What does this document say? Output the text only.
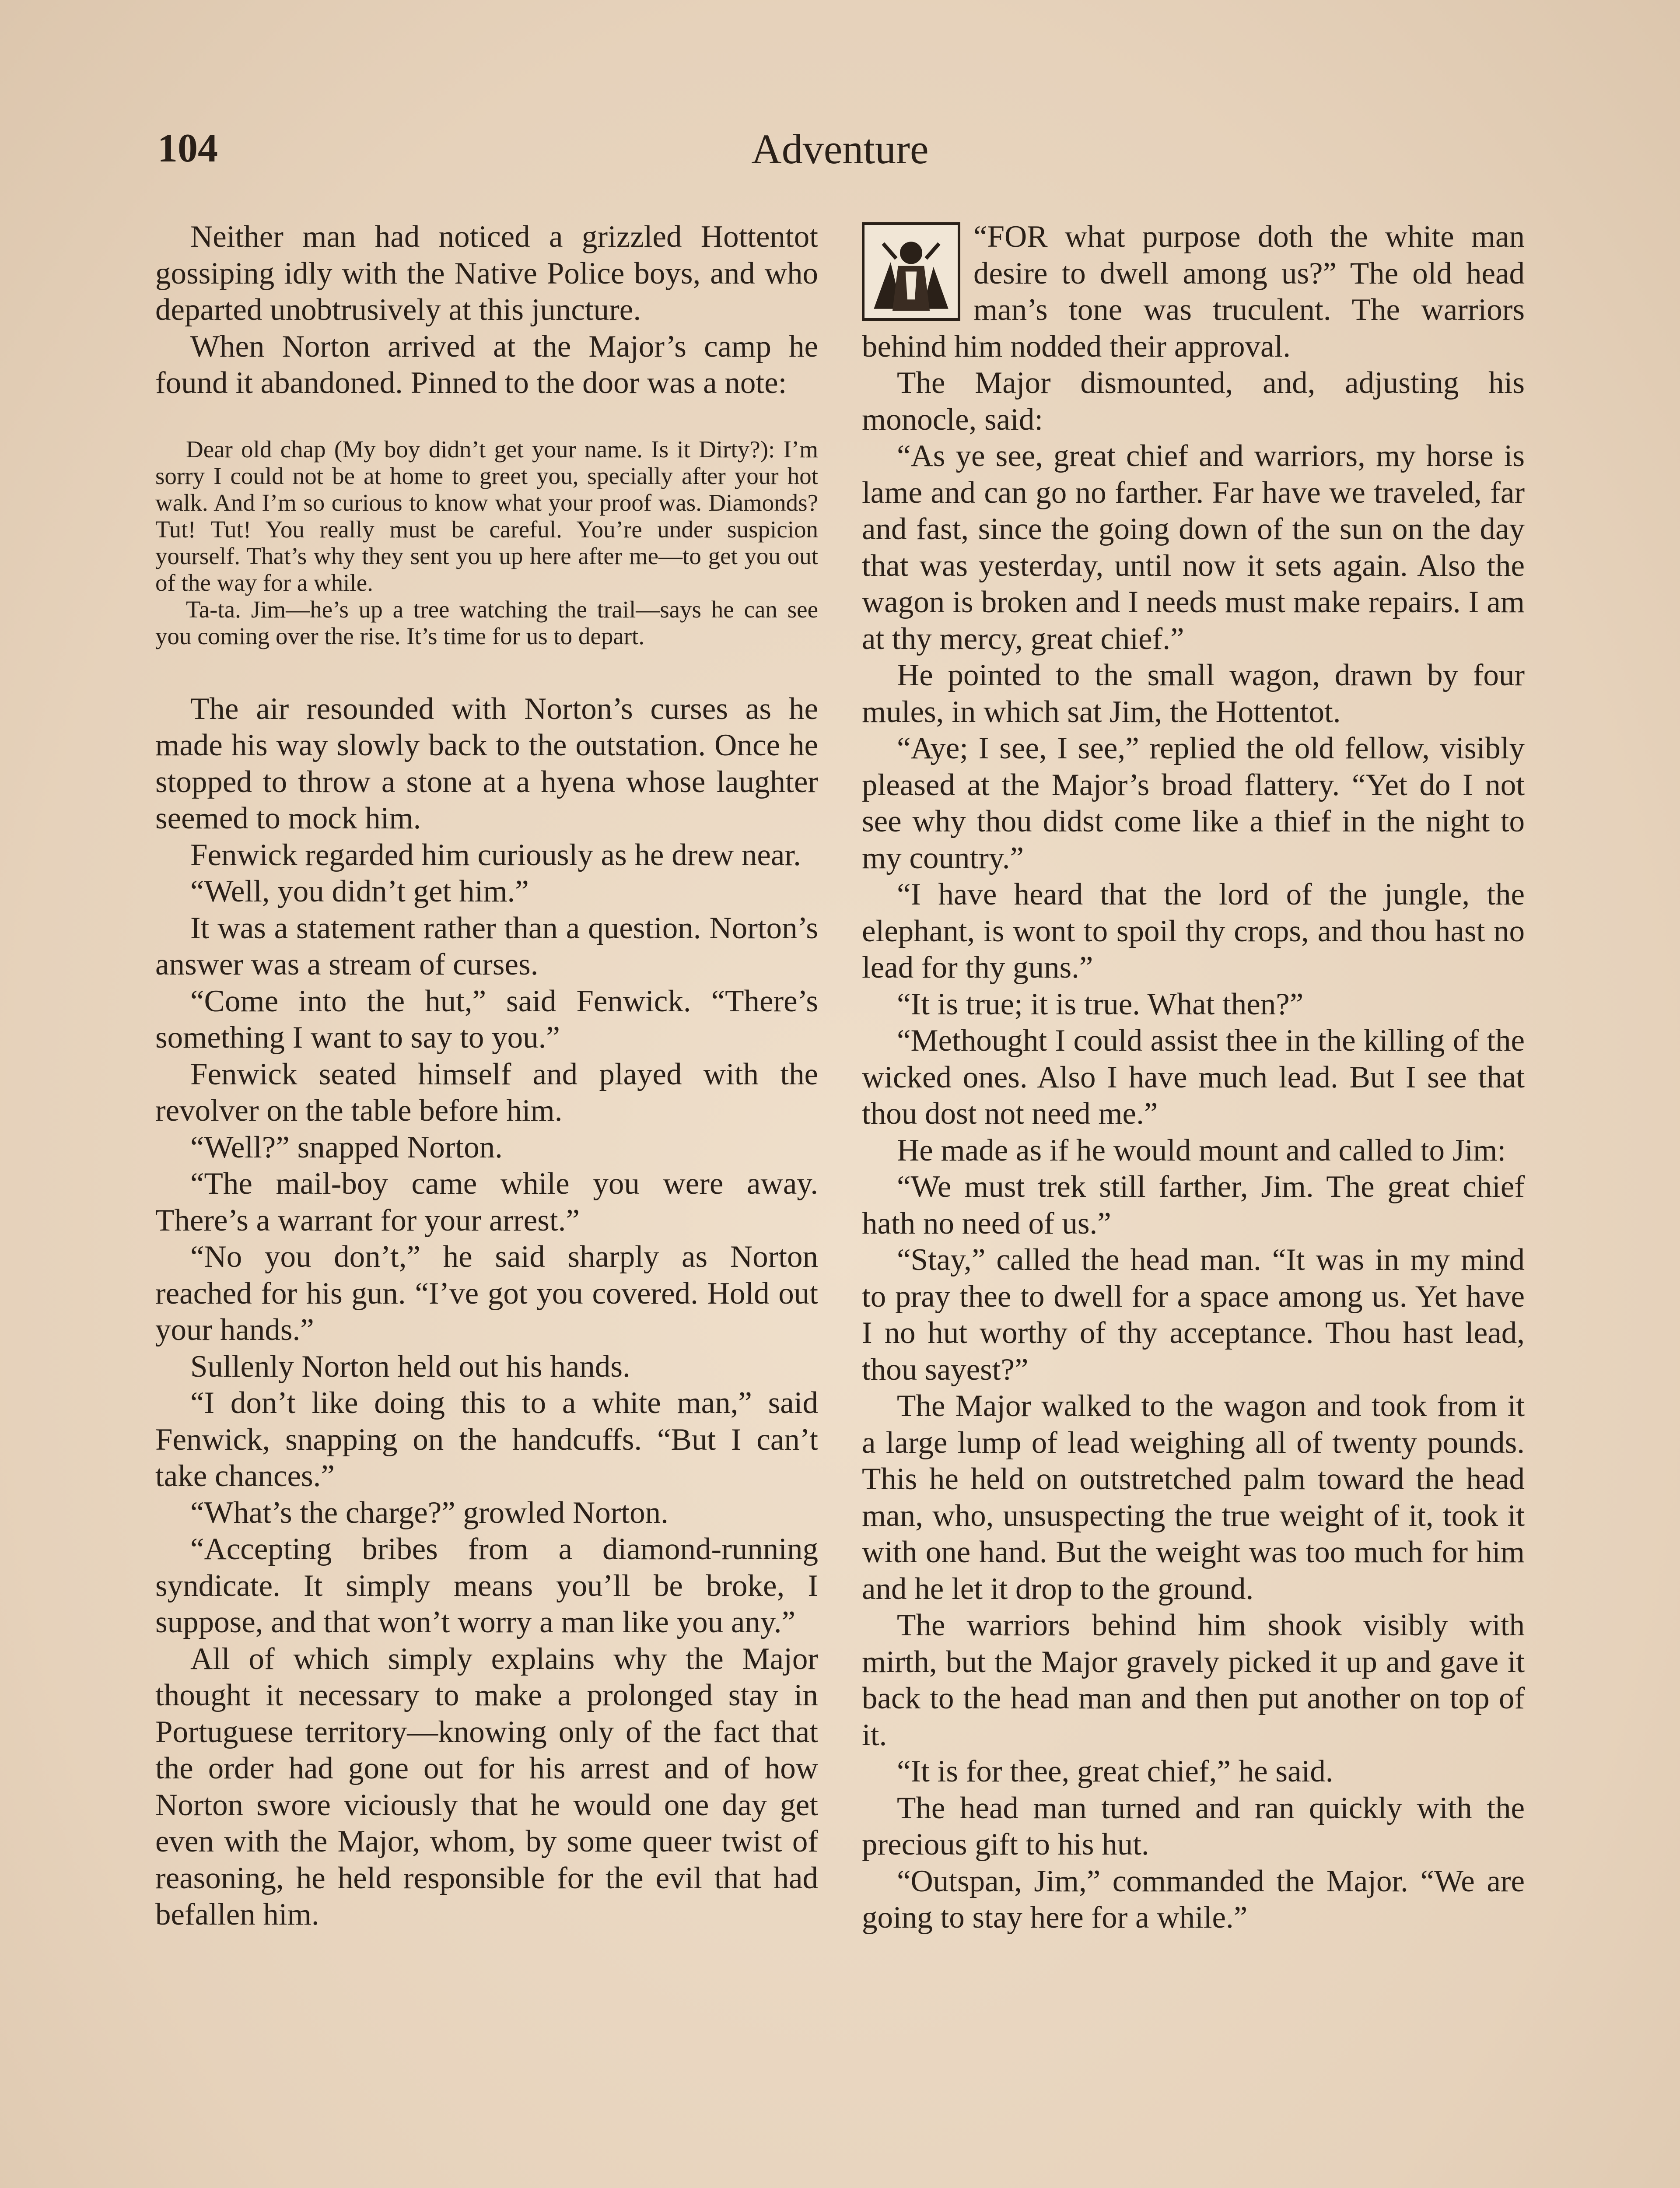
104	Adventure

Neither man had noticed a grizzled Hottentot gossiping idly with the Native Police boys, and who departed unobtrusively at this juncture.

When Norton arrived at the Major’s camp he found it abandoned. Pinned to the door was a note:

Dear old chap (My boy didn’t get your name. Is it Dirty?): I’m sorry I could not be at home to greet you, specially after your hot walk. And I’m so curious to know what your proof was. Diamonds? Tut! Tut! You really must be careful. You’re under suspicion yourself. That’s why they sent you up here after me—to get you out of the way for a while.

Ta-ta. Jim—he’s up a tree watching the trail—says he can see you coming over the rise. It’s time for us to depart.

The air resounded with Norton’s curses as he made his way slowly back to the outstation. Once he stopped to throw a stone at a hyena whose laughter seemed to mock him.

Fenwick regarded him curiously as he drew near.

“Well, you didn’t get him.”

It was a statement rather than a question. Norton’s answer was a stream of curses.

“Come into the hut,” said Fenwick. “There’s something I want to say to you.”

Fenwick seated himself and played with the revolver on the table before him.

“Well?” snapped Norton.

“The mail-boy came while you were away. There’s a warrant for your arrest.”

“No you don’t,” he said sharply as Norton reached for his gun. “I’ve got you covered. Hold out your hands.”

Sullenly Norton held out his hands.

“I don’t like doing this to a white man,” said Fenwick, snapping on the handcuffs. “But I can’t take chances.”

“What’s the charge?” growled Norton.

“Accepting bribes from a diamond-running syndicate. It simply means you’ll be broke, I suppose, and that won’t worry a man like you any.”

All of which simply explains why the Major thought it necessary to make a prolonged stay in Portuguese territory—knowing only of the fact that the order had gone out for his arrest and of how Norton swore viciously that he would one day get even with the Major, whom, by some queer twist of reasoning, he held responsible for the evil that had befallen him.

“FOR what purpose doth the white man desire to dwell among us?” The old head man’s tone was truculent. The warriors behind him nodded their approval.

The Major dismounted, and, adjusting his monocle, said:

“As ye see, great chief and warriors, my horse is lame and can go no farther. Far have we traveled, far and fast, since the going down of the sun on the day that was yesterday, until now it sets again. Also the wagon is broken and I needs must make repairs. I am at thy mercy, great chief.”

He pointed to the small wagon, drawn by four mules, in which sat Jim, the Hottentot.

“Aye; I see, I see,” replied the old fellow, visibly pleased at the Major’s broad flattery. “Yet do I not see why thou didst come like a thief in the night to my country.”

“I have heard that the lord of the jungle, the elephant, is wont to spoil thy crops, and thou hast no lead for thy guns.”

“It is true; it is true. What then?”

“Methought I could assist thee in the killing of the wicked ones. Also I have much lead. But I see that thou dost not need me.”

He made as if he would mount and called to Jim:

“We must trek still farther, Jim. The great chief hath no need of us.”

“Stay,” called the head man. “It was in my mind to pray thee to dwell for a space among us. Yet have I no hut worthy of thy acceptance. Thou hast lead, thou sayest?”

The Major walked to the wagon and took from it a large lump of lead weighing all of twenty pounds. This he held on outstretched palm toward the head man, who, unsuspecting the true weight of it, took it with one hand. But the weight was too much for him and he let it drop to the ground.

The warriors behind him shook visibly with mirth, but the Major gravely picked it up and gave it back to the head man and then put another on top of it.

“It is for thee, great chief,” he said.

The head man turned and ran quickly with the precious gift to his hut.

“Outspan, Jim,” commanded the Major. “We are going to stay here for a while.”
